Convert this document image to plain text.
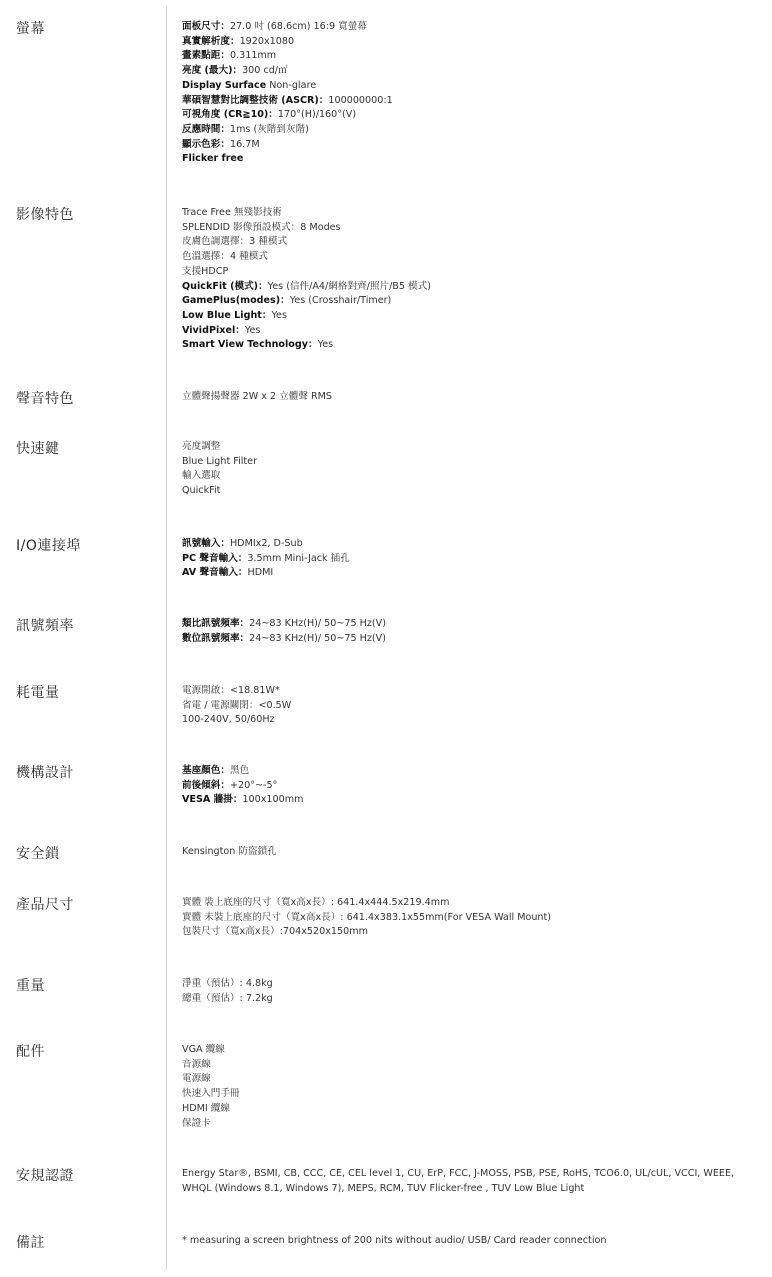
螢幕	面板尺寸：27.0 吋 (68.6cm) 16:9 寬螢幕
真實解析度：1920x1080
畫素點距：0.311mm
亮度 (最大)：300 cd/㎡
Display Surface Non-glare
華碩智慧對比調整技術 (ASCR)：100000000:1
可視角度 (CR≧10)：170°(H)/160°(V)
反應時間：1ms (灰階到灰階)
顯示色彩：16.7M
Flicker free
影像特色	Trace Free 無殘影技術
SPLENDID 影像預設模式：8 Modes
皮膚色調選擇：3 種模式
色溫選擇：4 種模式
支援HDCP
QuickFit (模式)：Yes (信件/A4/網格對齊/照片/B5 模式)
GamePlus(modes)：Yes (Crosshair/Timer)
Low Blue Light：Yes
VividPixel：Yes
Smart View Technology：Yes
聲音特色	立體聲揚聲器 2W x 2 立體聲 RMS
快速鍵	亮度調整
Blue Light Filter
輸入選取
QuickFit
I/O連接埠	訊號輸入：HDMIx2, D-Sub
PC 聲音輸入：3.5mm Mini-Jack 插孔
AV 聲音輸入：HDMI
訊號頻率	類比訊號頻率：24~83 KHz(H)/ 50~75 Hz(V)
數位訊號頻率：24~83 KHz(H)/ 50~75 Hz(V)
耗電量	電源開啟：<18.81W*
省電 / 電源關閉：<0.5W
100-240V, 50/60Hz
機構設計	基座顏色：黑色
前後傾斜：+20°~-5°
VESA 牆掛：100x100mm
安全鎖	Kensington 防盜鎖孔
產品尺寸	實體 裝上底座的尺寸（寬x高x長）: 641.4x444.5x219.4mm
實體 未裝上底座的尺寸（寬x高x長）: 641.4x383.1x55mm(For VESA Wall Mount)
包裝尺寸（寬x高x長）:704x520x150mm
重量	淨重（預估）: 4.8kg
總重（預估）: 7.2kg
配件	VGA 纜線
音源線
電源線
快速入門手冊
HDMI 纜線
保證卡
安規認證	Energy Star®, BSMI, CB, CCC, CE, CEL level 1, CU, ErP, FCC, J-MOSS, PSB, PSE, RoHS, TCO6.0, UL/cUL, VCCI, WEEE,
WHQL (Windows 8.1, Windows 7), MEPS, RCM, TUV Flicker-free , TUV Low Blue Light
備註	* measuring a screen brightness of 200 nits without audio/ USB/ Card reader connection
